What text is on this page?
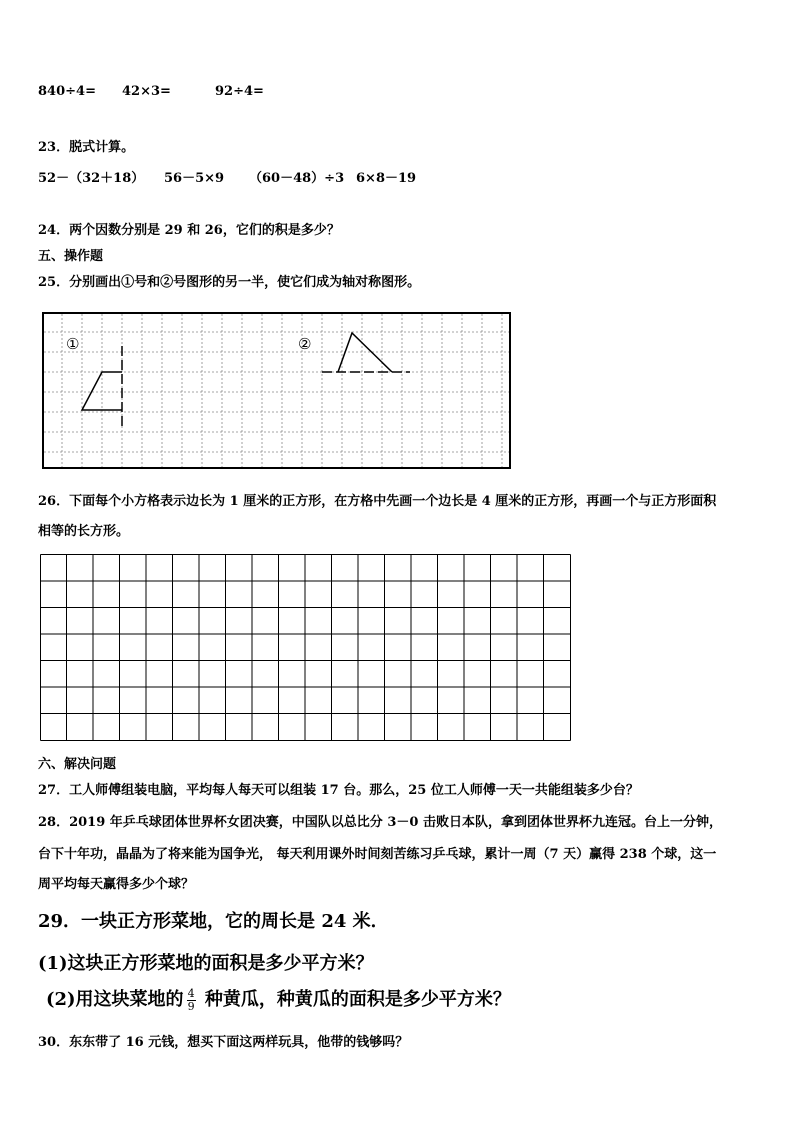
840÷4= 42×3=	92÷4=
23．脱式计算。
52－（32＋18） 56－5×9 （60－48）÷3 6×8－19
24．两个因数分别是 29 和 26，它们的积是多少？
五、操作题
25．分别画出①号和②号图形的另一半，使它们成为轴对称图形。
①	②
26．下面每个小方格表示边长为 1 厘米的正方形，在方格中先画一个边长是 4 厘米的正方形，再画一个与正方形面积
相等的长方形。
六、解决问题
27．工人师傅组装电脑，平均每人每天可以组装 17 台。那么，25 位工人师傅一天一共能组装多少台？
28．2019 年乒乓球团体世界杯女团决赛，中国队以总比分 3－0 击败日本队，拿到团体世界杯九连冠。台上一分钟，
台下十年功，晶晶为了将来能为国争光， 每天利用课外时间刻苦练习乒乓球，累计一周（7 天）赢得 238 个球，这一
周平均每天赢得多少个球？
29．一块正方形菜地，它的周长是 24 米．
(1)这块正方形菜地的面积是多少平方米？
(2)用这块菜地的 $\frac{4}{9}$ 种黄瓜，种黄瓜的面积是多少平方米？
30．东东带了 16 元钱，想买下面这两样玩具，他带的钱够吗？
